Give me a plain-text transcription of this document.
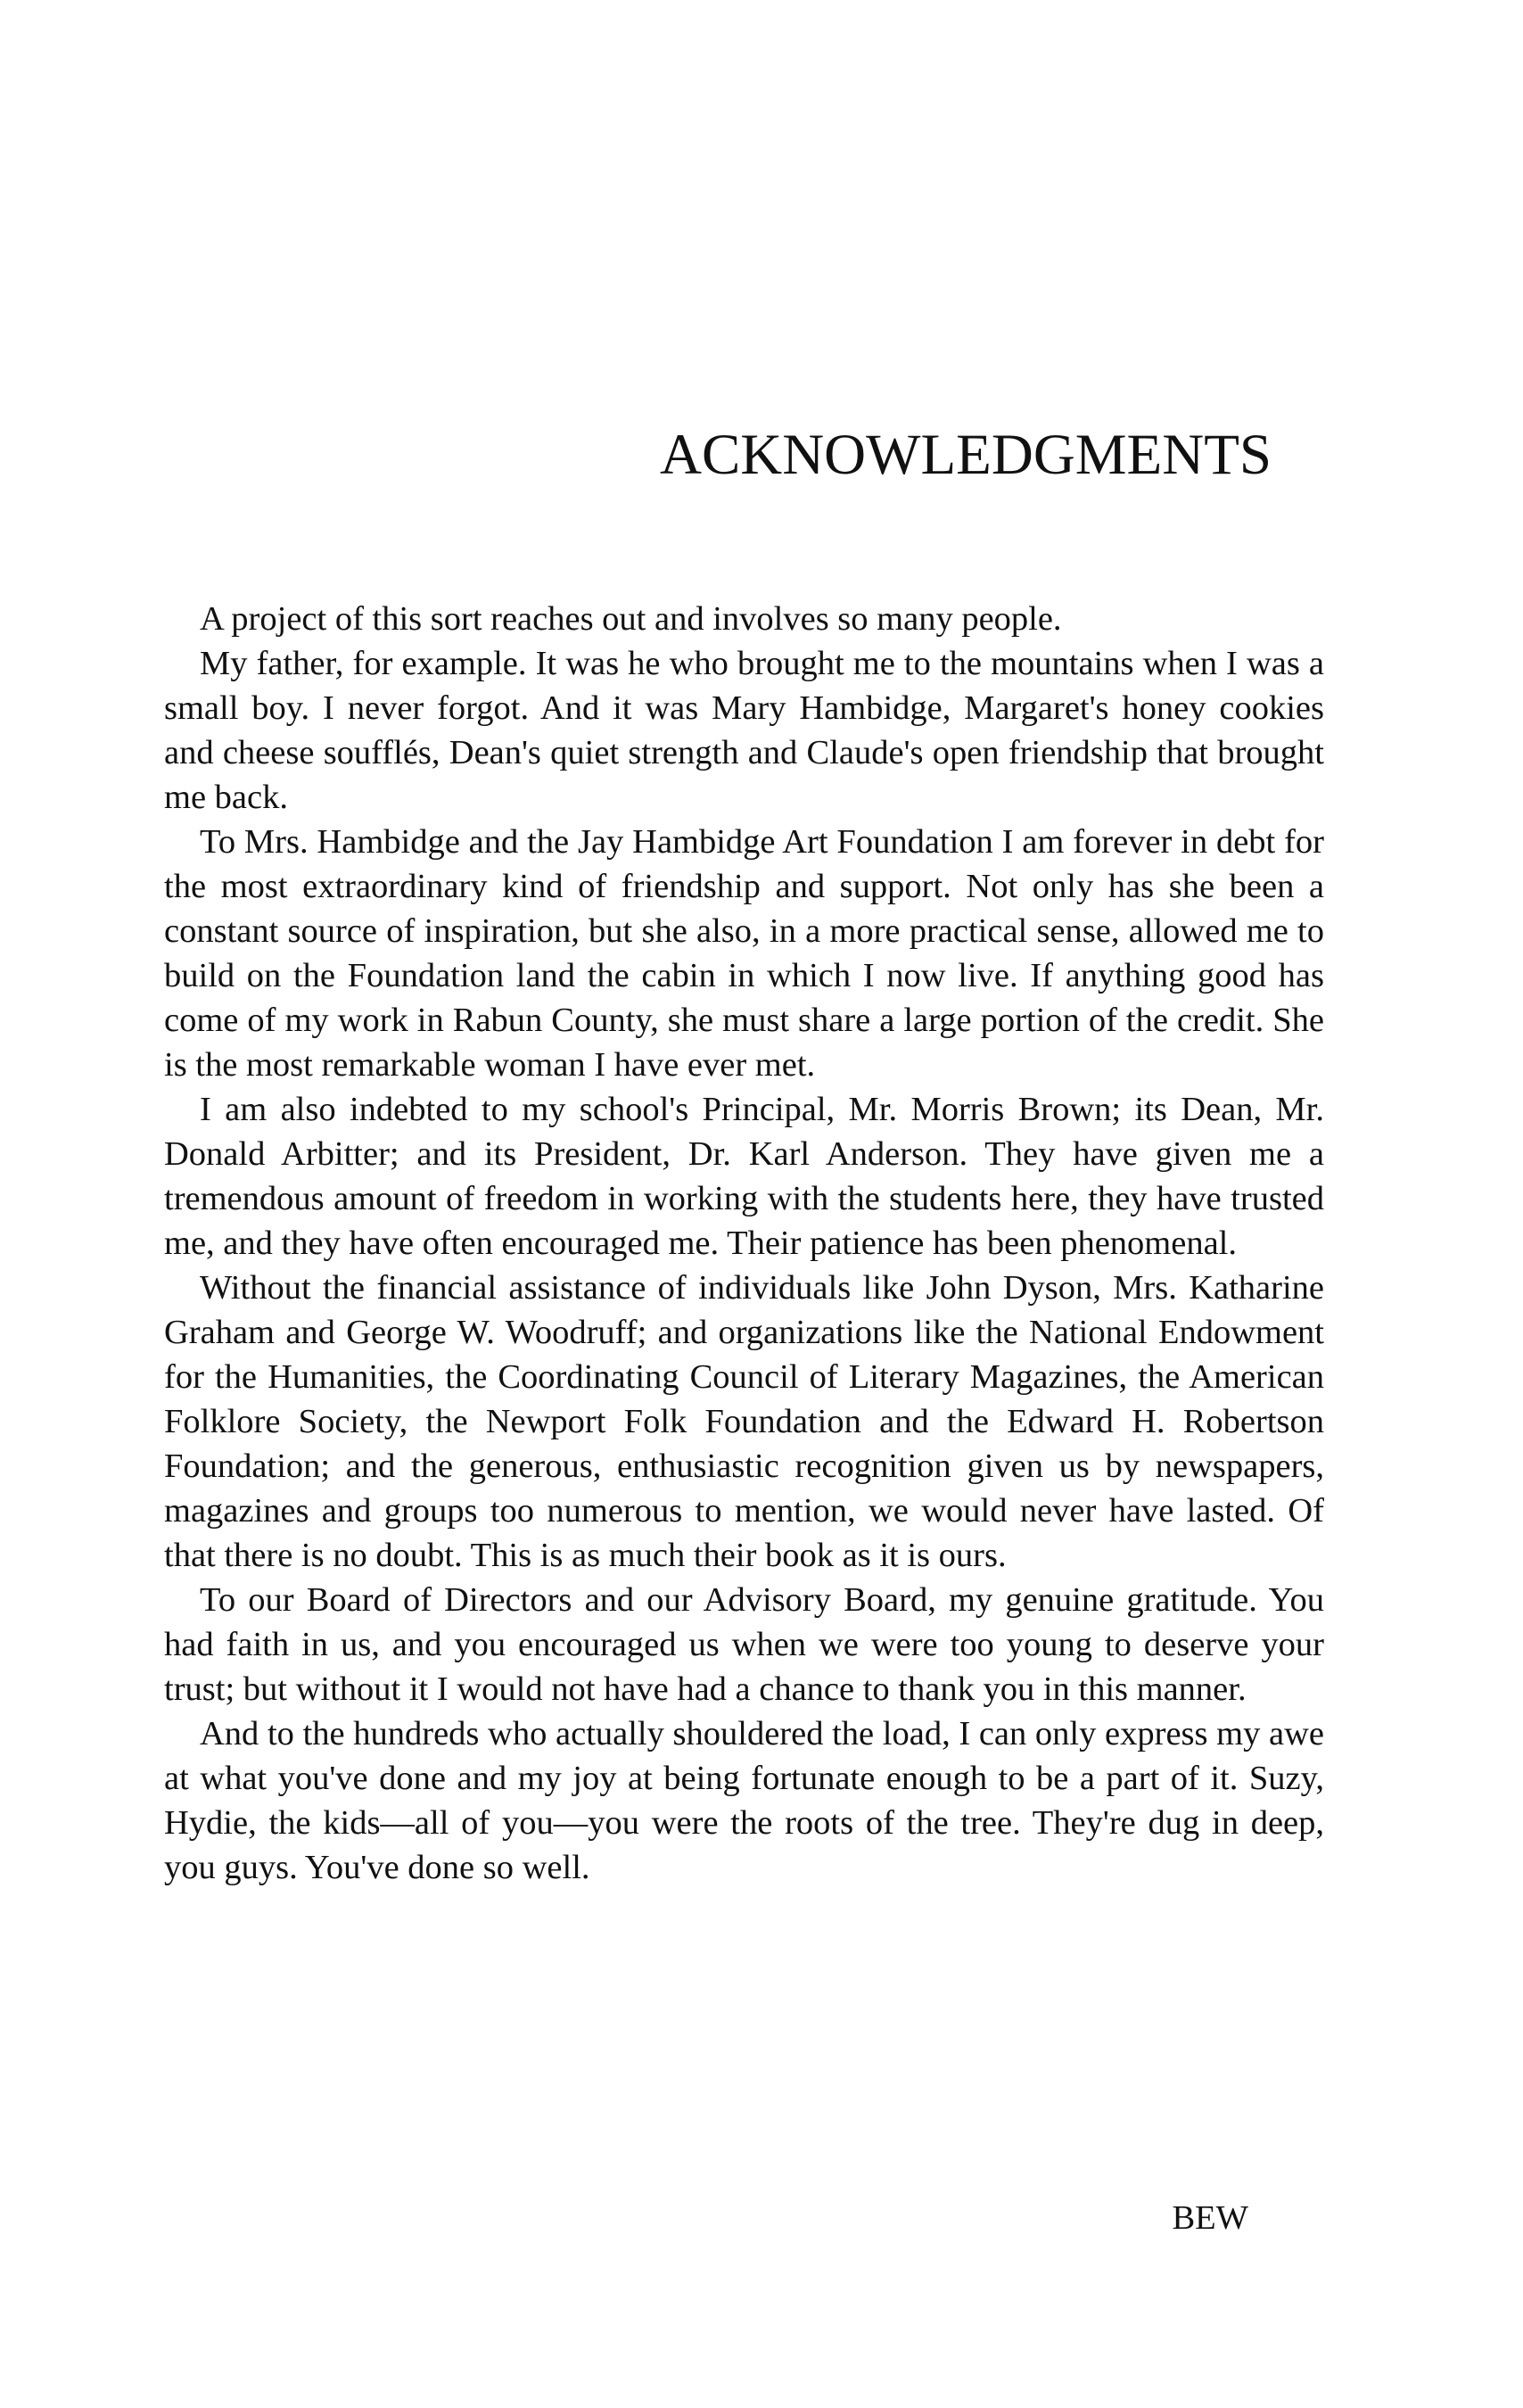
ACKNOWLEDGMENTS

A project of this sort reaches out and involves so many people.

My father, for example. It was he who brought me to the mountains when I was a small boy. I never forgot. And it was Mary Hambidge, Margaret's honey cookies and cheese soufflés, Dean's quiet strength and Claude's open friendship that brought me back.

To Mrs. Hambidge and the Jay Hambidge Art Foundation I am forever in debt for the most extraordinary kind of friendship and support. Not only has she been a constant source of inspiration, but she also, in a more practical sense, allowed me to build on the Foundation land the cabin in which I now live. If anything good has come of my work in Rabun County, she must share a large portion of the credit. She is the most remarkable woman I have ever met.

I am also indebted to my school's Principal, Mr. Morris Brown; its Dean, Mr. Donald Arbitter; and its President, Dr. Karl Anderson. They have given me a tremendous amount of freedom in working with the students here, they have trusted me, and they have often encouraged me. Their patience has been phenomenal.

Without the financial assistance of individuals like John Dyson, Mrs. Katharine Graham and George W. Woodruff; and organizations like the National Endowment for the Humanities, the Coordinating Council of Literary Magazines, the American Folklore Society, the Newport Folk Foundation and the Edward H. Robertson Foundation; and the generous, enthusiastic recognition given us by newspapers, magazines and groups too numerous to mention, we would never have lasted. Of that there is no doubt. This is as much their book as it is ours.

To our Board of Directors and our Advisory Board, my genuine gratitude. You had faith in us, and you encouraged us when we were too young to deserve your trust; but without it I would not have had a chance to thank you in this manner.

And to the hundreds who actually shouldered the load, I can only express my awe at what you've done and my joy at being fortunate enough to be a part of it. Suzy, Hydie, the kids—all of you—you were the roots of the tree. They're dug in deep, you guys. You've done so well.

BEW
